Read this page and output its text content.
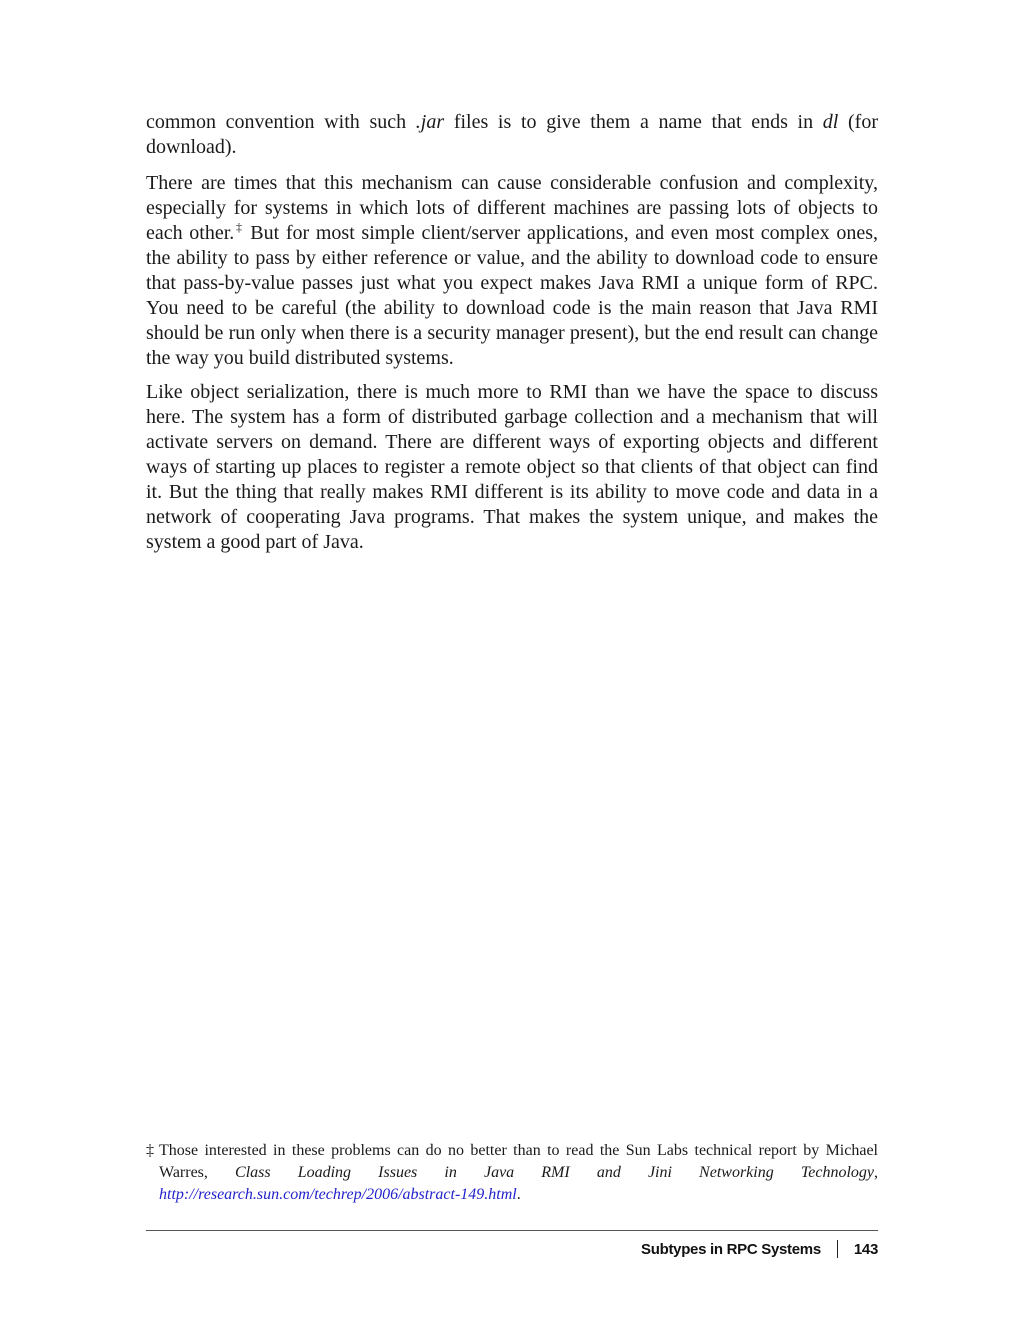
common convention with such .jar files is to give them a name that ends in dl (for download).

There are times that this mechanism can cause considerable confusion and complexity, especially for systems in which lots of different machines are passing lots of objects to each other.‡ But for most simple client/server applications, and even most complex ones, the ability to pass by either reference or value, and the ability to download code to ensure that pass-by-value passes just what you expect makes Java RMI a unique form of RPC. You need to be careful (the ability to download code is the main reason that Java RMI should be run only when there is a security manager present), but the end result can change the way you build distributed systems.

Like object serialization, there is much more to RMI than we have the space to discuss here. The system has a form of distributed garbage collection and a mechanism that will activate servers on demand. There are different ways of exporting objects and different ways of starting up places to register a remote object so that clients of that object can find it. But the thing that really makes RMI different is its ability to move code and data in a network of cooperating Java programs. That makes the system unique, and makes the system a good part of Java.

‡ Those interested in these problems can do no better than to read the Sun Labs technical report by Michael Warres, Class Loading Issues in Java RMI and Jini Networking Technology, http://research.sun.com/techrep/2006/abstract-149.html.
Subtypes in RPC Systems 143
